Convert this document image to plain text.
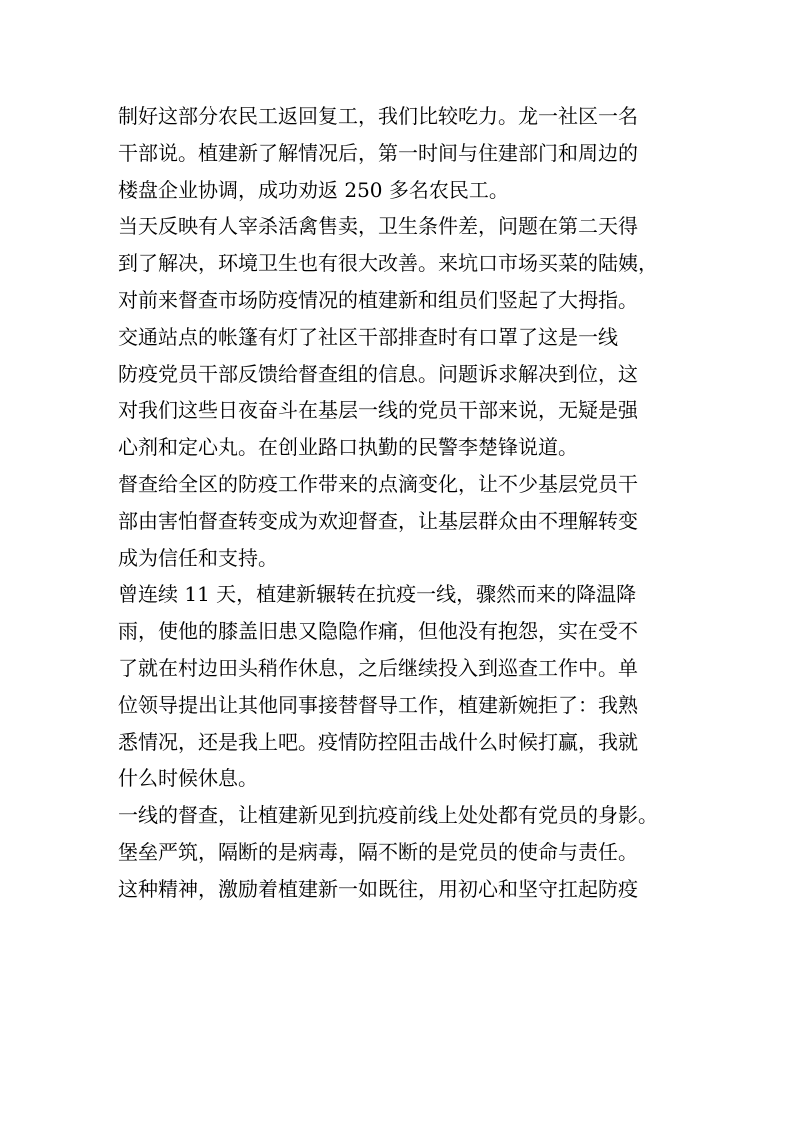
制好这部分农民工返回复工，我们比较吃力。龙一社区一名
干部说。植建新了解情况后，第一时间与住建部门和周边的
楼盘企业协调，成功劝返 250 多名农民工。
当天反映有人宰杀活禽售卖，卫生条件差，问题在第二天得
到了解决，环境卫生也有很大改善。来坑口市场买菜的陆姨，
对前来督查市场防疫情况的植建新和组员们竖起了大拇指。
交通站点的帐篷有灯了社区干部排查时有口罩了这是一线
防疫党员干部反馈给督查组的信息。问题诉求解决到位，这
对我们这些日夜奋斗在基层一线的党员干部来说，无疑是强
心剂和定心丸。在创业路口执勤的民警李楚锋说道。
督查给全区的防疫工作带来的点滴变化，让不少基层党员干
部由害怕督查转变成为欢迎督查，让基层群众由不理解转变
成为信任和支持。
曾连续 11 天，植建新辗转在抗疫一线，骤然而来的降温降
雨，使他的膝盖旧患又隐隐作痛，但他没有抱怨，实在受不
了就在村边田头稍作休息，之后继续投入到巡查工作中。单
位领导提出让其他同事接替督导工作，植建新婉拒了：我熟
悉情况，还是我上吧。疫情防控阻击战什么时候打赢，我就
什么时候休息。
一线的督查，让植建新见到抗疫前线上处处都有党员的身影。
堡垒严筑，隔断的是病毒，隔不断的是党员的使命与责任。
这种精神，激励着植建新一如既往，用初心和坚守扛起防疫
